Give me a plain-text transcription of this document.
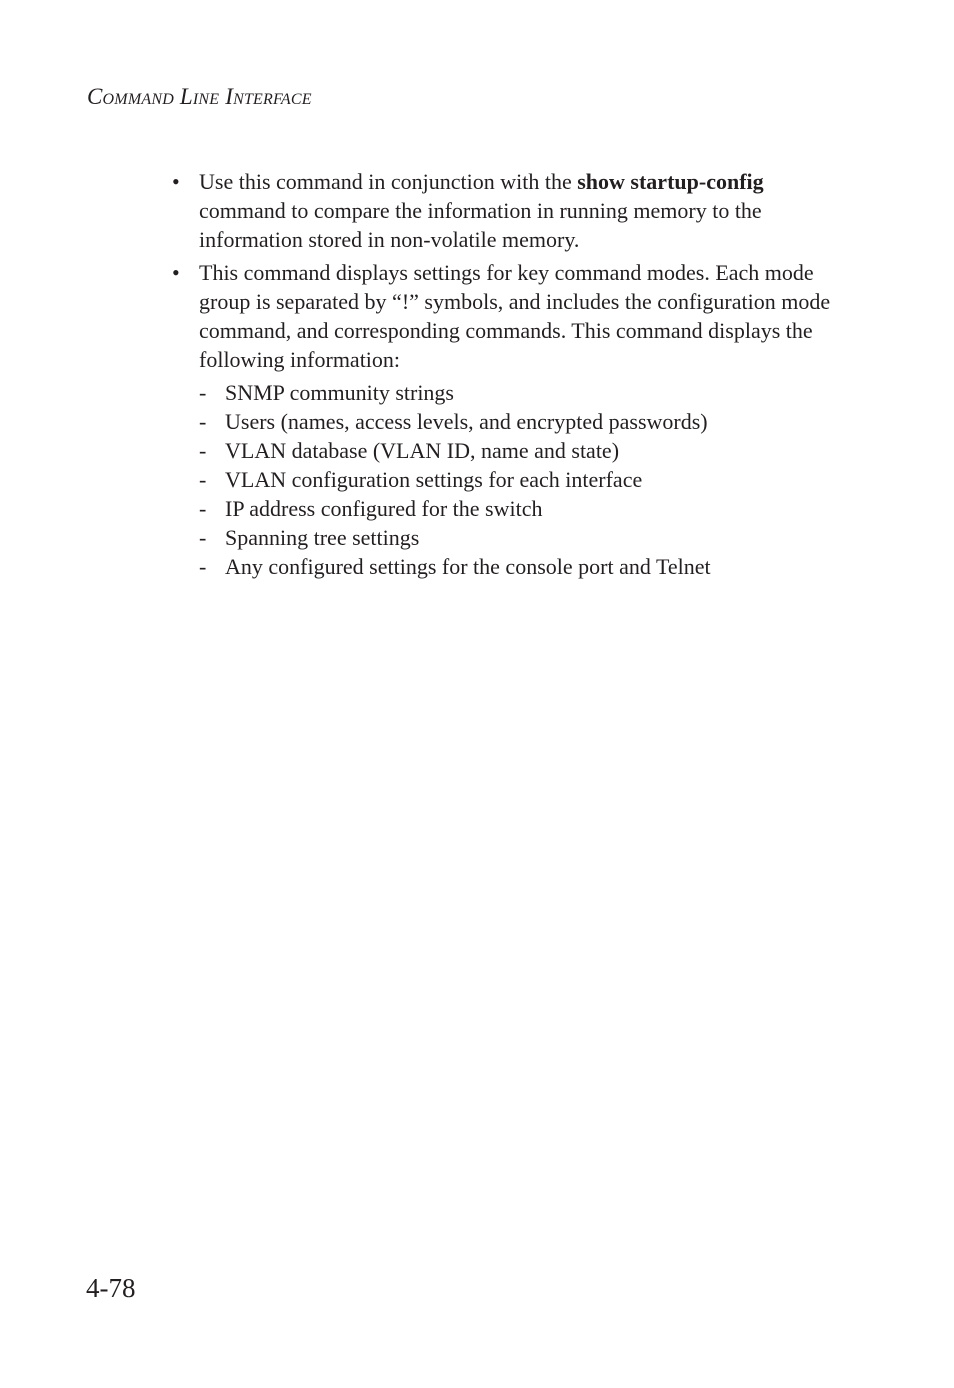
Command Line Interface
• Use this command in conjunction with the show startup-config command to compare the information in running memory to the information stored in non-volatile memory.
• This command displays settings for key command modes. Each mode group is separated by “!” symbols, and includes the configuration mode command, and corresponding commands. This command displays the following information:
- SNMP community strings
- Users (names, access levels, and encrypted passwords)
- VLAN database (VLAN ID, name and state)
- VLAN configuration settings for each interface
- IP address configured for the switch
- Spanning tree settings
- Any configured settings for the console port and Telnet
4-78
